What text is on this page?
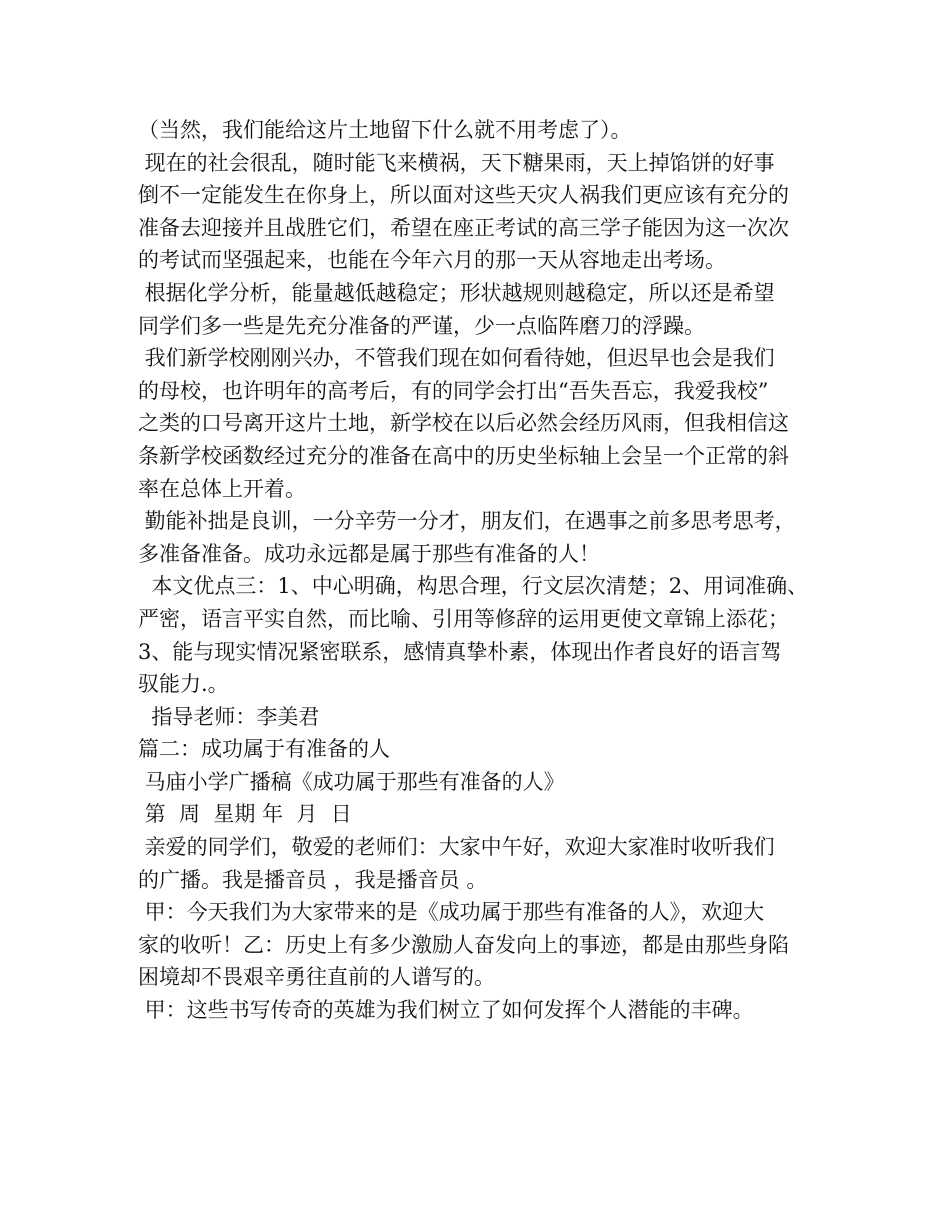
（当然，我们能给这片土地留下什么就不用考虑了）。
现在的社会很乱，随时能飞来横祸，天下糖果雨，天上掉馅饼的好事
倒不一定能发生在你身上，所以面对这些天灾人祸我们更应该有充分的
准备去迎接并且战胜它们，希望在座正考试的高三学子能因为这一次次
的考试而坚强起来，也能在今年六月的那一天从容地走出考场。
根据化学分析，能量越低越稳定；形状越规则越稳定，所以还是希望
同学们多一些是先充分准备的严谨，少一点临阵磨刀的浮躁。
我们新学校刚刚兴办，不管我们现在如何看待她，但迟早也会是我们
的母校，也许明年的高考后，有的同学会打出“吾失吾忘，我爱我校”
之类的口号离开这片土地，新学校在以后必然会经历风雨，但我相信这
条新学校函数经过充分的准备在高中的历史坐标轴上会呈一个正常的斜
率在总体上开着。
勤能补拙是良训，一分辛劳一分才，朋友们，在遇事之前多思考思考，
多准备准备。成功永远都是属于那些有准备的人！
本文优点三：1、中心明确，构思合理，行文层次清楚；2、用词准确、
严密，语言平实自然，而比喻、引用等修辞的运用更使文章锦上添花；
3、能与现实情况紧密联系，感情真挚朴素，体现出作者良好的语言驾
驭能力.。
指导老师：李美君
篇二：成功属于有准备的人
马庙小学广播稿《成功属于那些有准备的人》
第  周  星期 年  月  日
亲爱的同学们，敬爱的老师们：大家中午好，欢迎大家准时收听我们
的广播。我是播音员 ，我是播音员 。
甲：今天我们为大家带来的是《成功属于那些有准备的人》，欢迎大
家的收听！乙：历史上有多少激励人奋发向上的事迹，都是由那些身陷
困境却不畏艰辛勇往直前的人谱写的。
甲：这些书写传奇的英雄为我们树立了如何发挥个人潜能的丰碑。
